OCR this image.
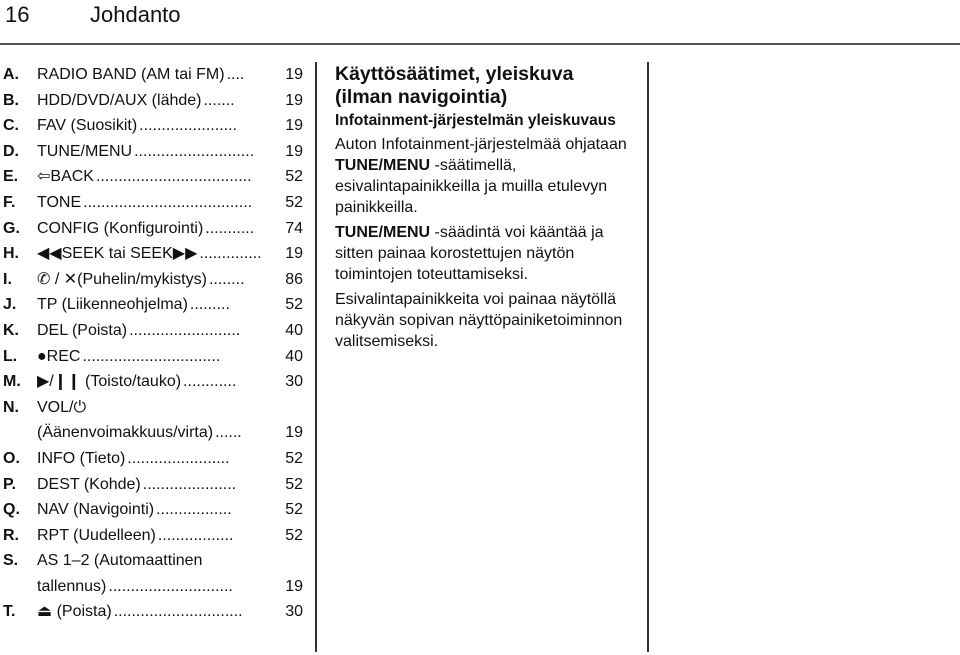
16	Johdanto
A.	RADIO BAND (AM tai FM) ....	19
B.	HDD/DVD/AUX (lähde) .......	19
C.	FAV (Suosikit) ......................	19
D.	TUNE/MENU ...........................	19
E.	⇦BACK ...................................	52
F.	TONE ......................................	52
G.	CONFIG (Konfigurointi) ...........	74
H.	◀◀SEEK tai SEEK▶▶ ..............	19
I.	✆ / ✕(Puhelin/mykistys) ........	86
J.	TP (Liikenneohjelma) .........	52
K.	DEL (Poista) .........................	40
L.	●REC ...............................	40
M.	▶/❙❙ (Toisto/tauko) ............	30
N.	VOL/⏻
(Äänenvoimakkuus/virta) ......	19
O.	INFO (Tieto) .......................	52
P.	DEST (Kohde) .....................	52
Q.	NAV (Navigointi) .................	52
R.	RPT (Uudelleen) .................	52
S.	AS 1–2 (Automaattinen
tallennus) ............................	19
T.	⏏ (Poista) .............................	30
Käyttösäätimet, yleiskuva (ilman navigointia)
Infotainment-järjestelmän yleiskuvaus

Auton Infotainment-järjestelmää ohjataan TUNE/MENU -säätimellä, esivalintapainikkeilla ja muilla etulevyn painikkeilla.

TUNE/MENU -säädintä voi kääntää ja sitten painaa korostettujen näytön toimintojen toteuttamiseksi.

Esivalintapainikkeita voi painaa näytöllä näkyvän sopivan näyttöpainiketoiminnon valitsemiseksi.
